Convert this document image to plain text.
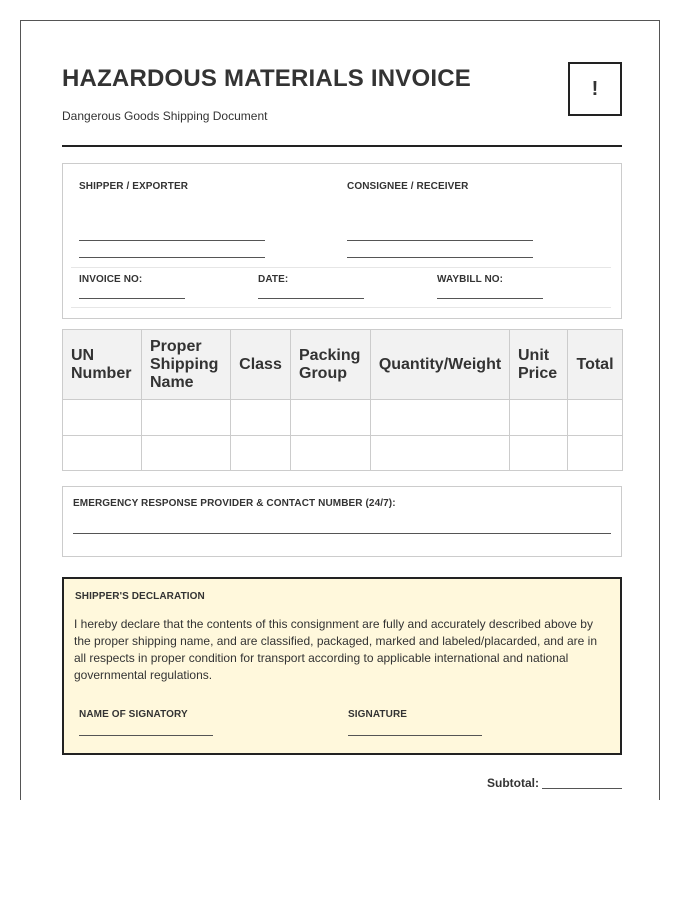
HAZARDOUS MATERIALS INVOICE
Dangerous Goods Shipping Document
!
SHIPPER / EXPORTER	CONSIGNEE / RECEIVER
INVOICE NO:	DATE:	WAYBILL NO:
UN Number	Proper Shipping Name	Class	Packing Group	Quantity/Weight	Unit Price	Total

EMERGENCY RESPONSE PROVIDER & CONTACT NUMBER (24/7):
SHIPPER'S DECLARATION

I hereby declare that the contents of this consignment are fully and accurately described above by the proper shipping name, and are classified, packaged, marked and labeled/placarded, and are in all respects in proper condition for transport according to applicable international and national governmental regulations.

NAME OF SIGNATORY	SIGNATURE
Subtotal:
